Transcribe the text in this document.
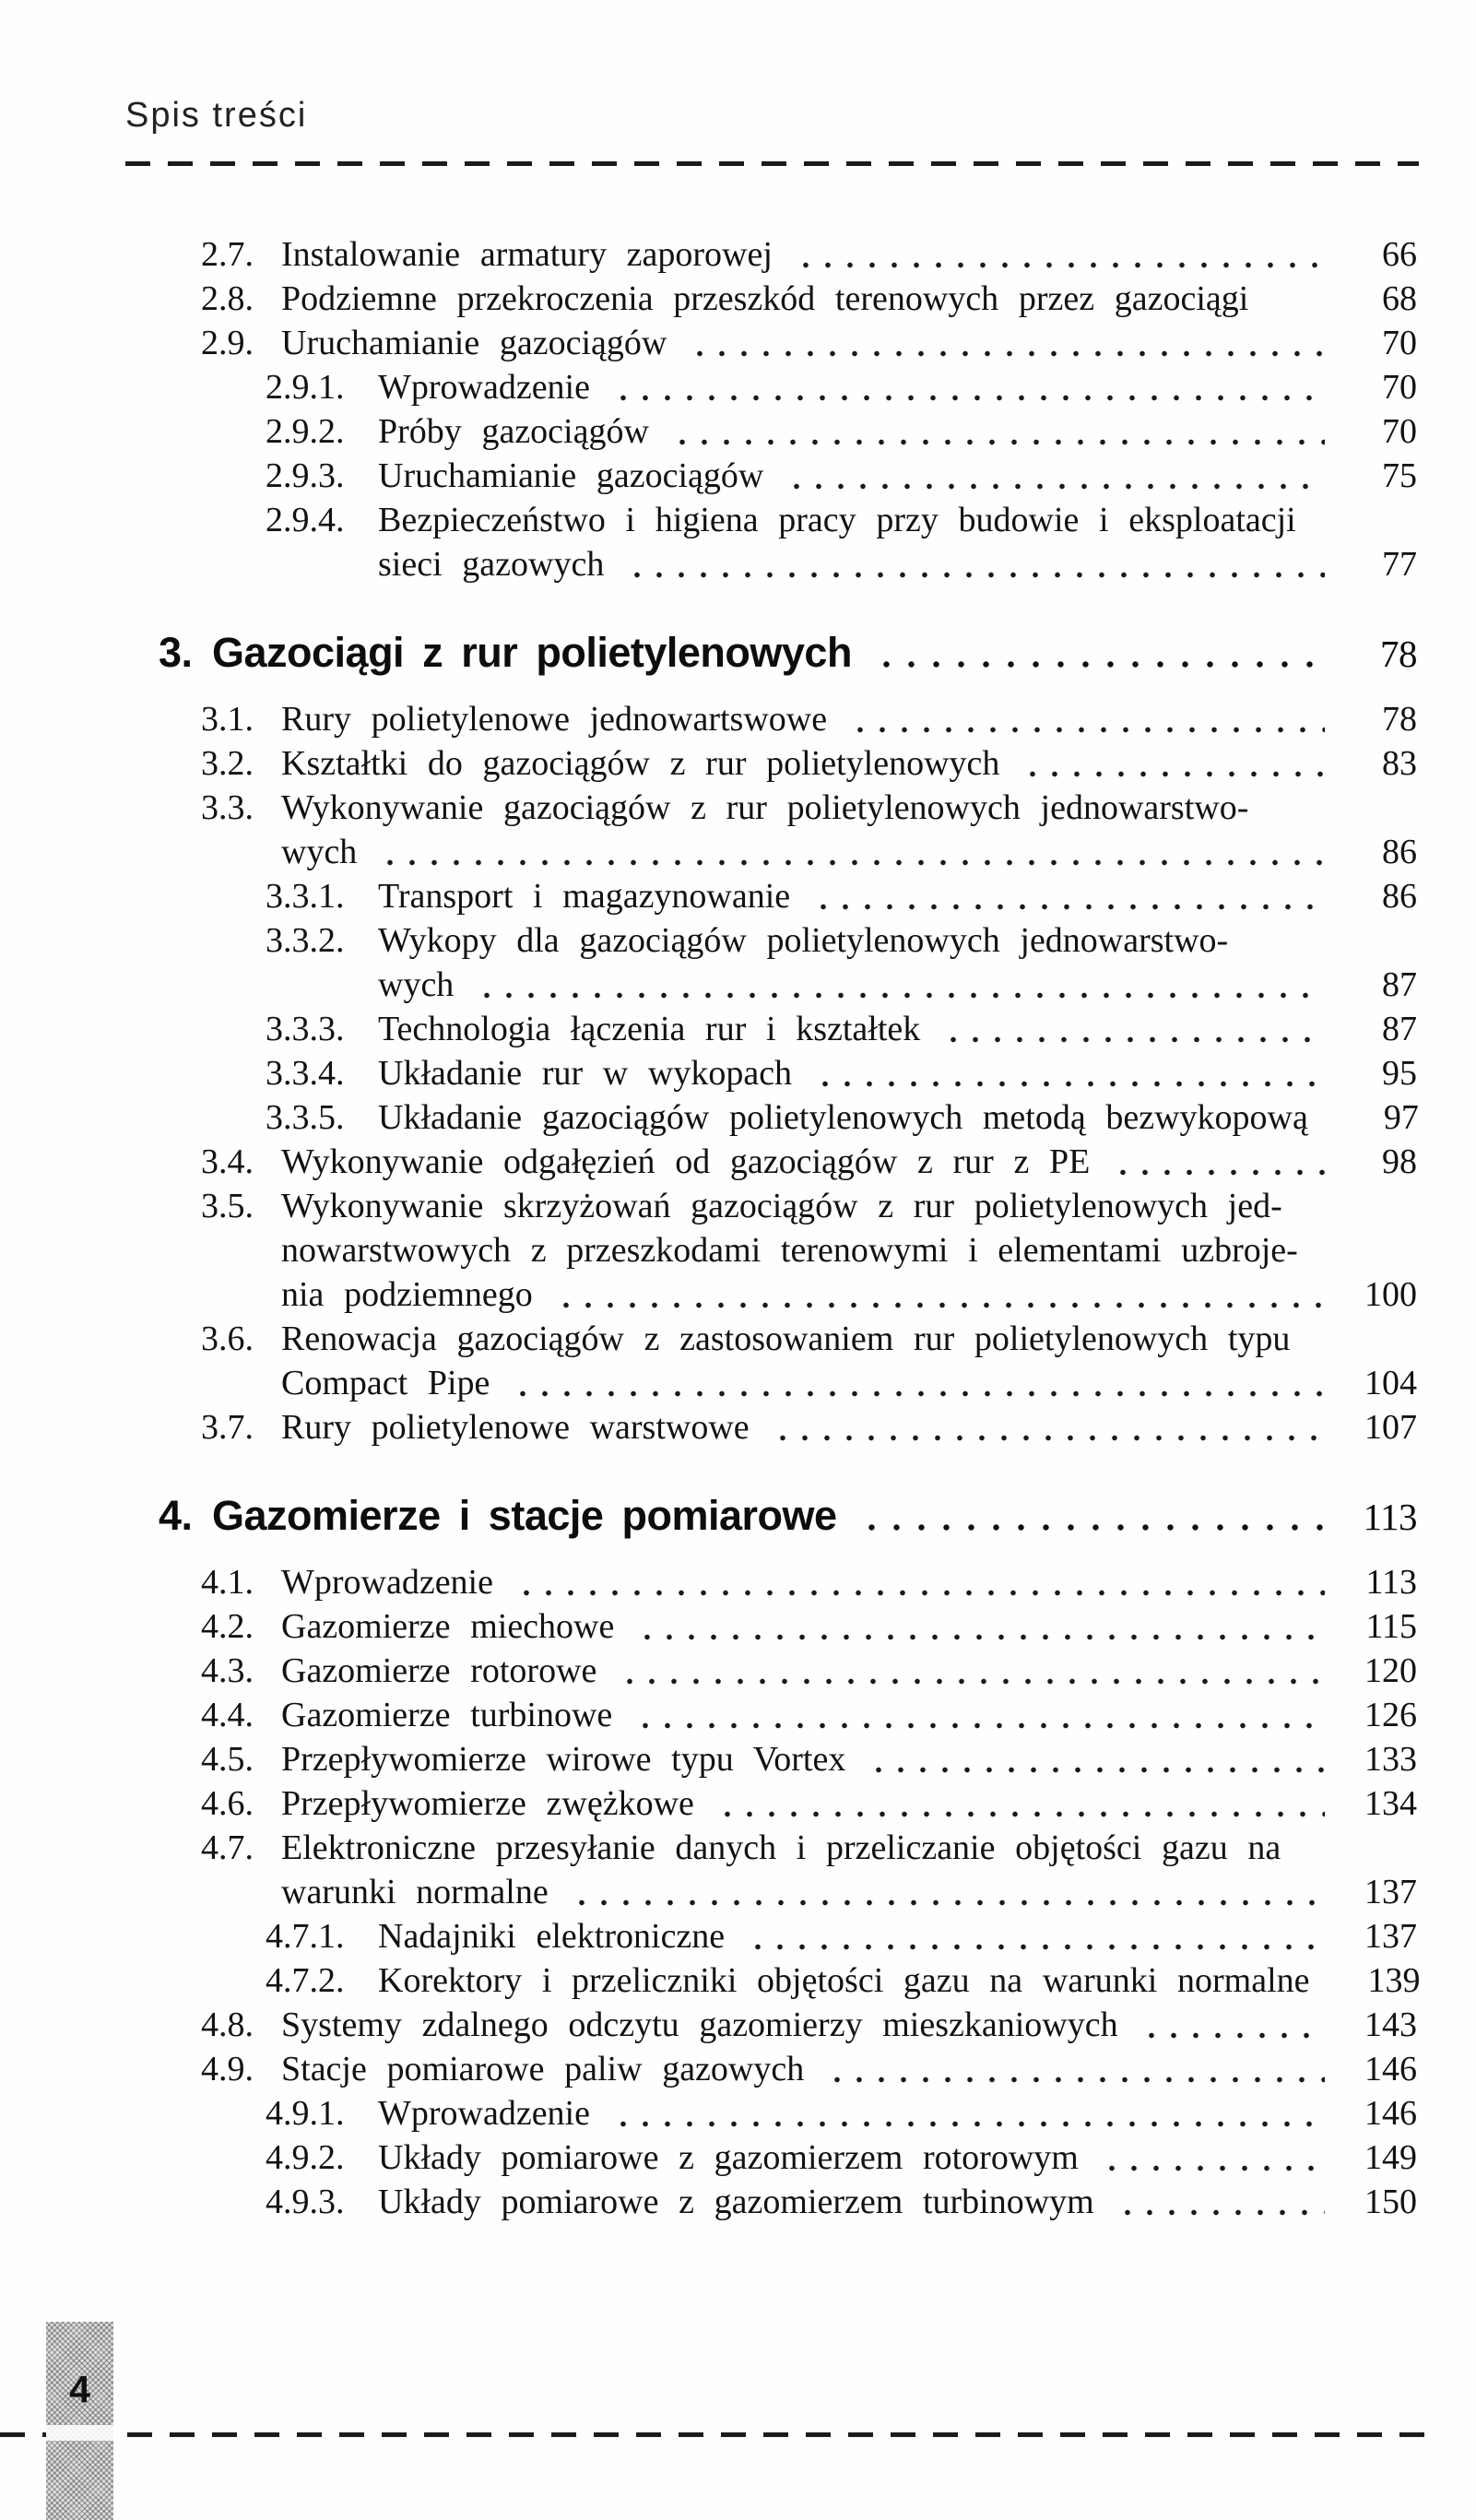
Spis treści
2.7. Instalowanie armatury zaporowej	66
2.8. Podziemne przekroczenia przeszkód terenowych przez gazociągi	68
2.9. Uruchamianie gazociągów	70
2.9.1. Wprowadzenie	70
2.9.2. Próby gazociągów	70
2.9.3. Uruchamianie gazociągów	75
2.9.4. Bezpieczeństwo i higiena pracy przy budowie i eksploatacji
sieci gazowych	77
3. Gazociągi z rur polietylenowych	78
3.1. Rury polietylenowe jednowartswowe	78
3.2. Kształtki do gazociągów z rur polietylenowych	83
3.3. Wykonywanie gazociągów z rur polietylenowych jednowarstwo-
wych	86
3.3.1. Transport i magazynowanie	86
3.3.2. Wykopy dla gazociągów polietylenowych jednowarstwo-
wych	87
3.3.3. Technologia łączenia rur i kształtek	87
3.3.4. Układanie rur w wykopach	95
3.3.5. Układanie gazociągów polietylenowych metodą bezwykopową	97
3.4. Wykonywanie odgałęzień od gazociągów z rur z PE	98
3.5. Wykonywanie skrzyżowań gazociągów z rur polietylenowych jed-
nowarstwowych z przeszkodami terenowymi i elementami uzbroje-
nia podziemnego	100
3.6. Renowacja gazociągów z zastosowaniem rur polietylenowych typu
Compact Pipe	104
3.7. Rury polietylenowe warstwowe	107
4. Gazomierze i stacje pomiarowe	113
4.1. Wprowadzenie	113
4.2. Gazomierze miechowe	115
4.3. Gazomierze rotorowe	120
4.4. Gazomierze turbinowe	126
4.5. Przepływomierze wirowe typu Vortex	133
4.6. Przepływomierze zwężkowe	134
4.7. Elektroniczne przesyłanie danych i przeliczanie objętości gazu na
warunki normalne	137
4.7.1. Nadajniki elektroniczne	137
4.7.2. Korektory i przeliczniki objętości gazu na warunki normalne	139
4.8. Systemy zdalnego odczytu gazomierzy mieszkaniowych	143
4.9. Stacje pomiarowe paliw gazowych	146
4.9.1. Wprowadzenie	146
4.9.2. Układy pomiarowe z gazomierzem rotorowym	149
4.9.3. Układy pomiarowe z gazomierzem turbinowym	150
4
